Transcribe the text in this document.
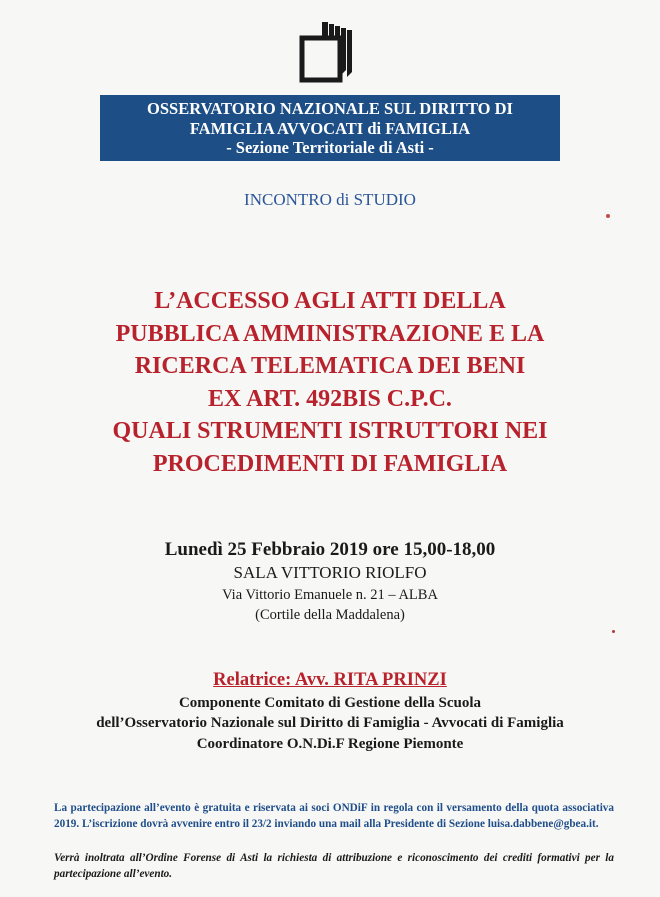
OSSERVATORIO NAZIONALE SUL DIRITTO DI
FAMIGLIA AVVOCATI di FAMIGLIA
- Sezione Territoriale di Asti -
INCONTRO di STUDIO
L’ACCESSO AGLI ATTI DELLA
PUBBLICA AMMINISTRAZIONE E LA
RICERCA TELEMATICA DEI BENI
EX ART. 492BIS C.P.C.
QUALI STRUMENTI ISTRUTTORI NEI
PROCEDIMENTI DI FAMIGLIA
Lunedì 25 Febbraio 2019 ore 15,00-18,00
SALA VITTORIO RIOLFO
Via Vittorio Emanuele n. 21 – ALBA
(Cortile della Maddalena)
Relatrice: Avv. RITA PRINZI
Componente Comitato di Gestione della Scuola
dell’Osservatorio Nazionale sul Diritto di Famiglia - Avvocati di Famiglia
Coordinatore O.N.Di.F Regione Piemonte
La partecipazione all’evento è gratuita e riservata ai soci ONDiF in regola con il versamento della quota associativa 2019. L’iscrizione dovrà avvenire entro il 23/2 inviando una mail alla Presidente di Sezione luisa.dabbene@gbea.it.
Verrà inoltrata all’Ordine Forense di Asti la richiesta di attribuzione e riconoscimento dei crediti formativi per la partecipazione all’evento.
